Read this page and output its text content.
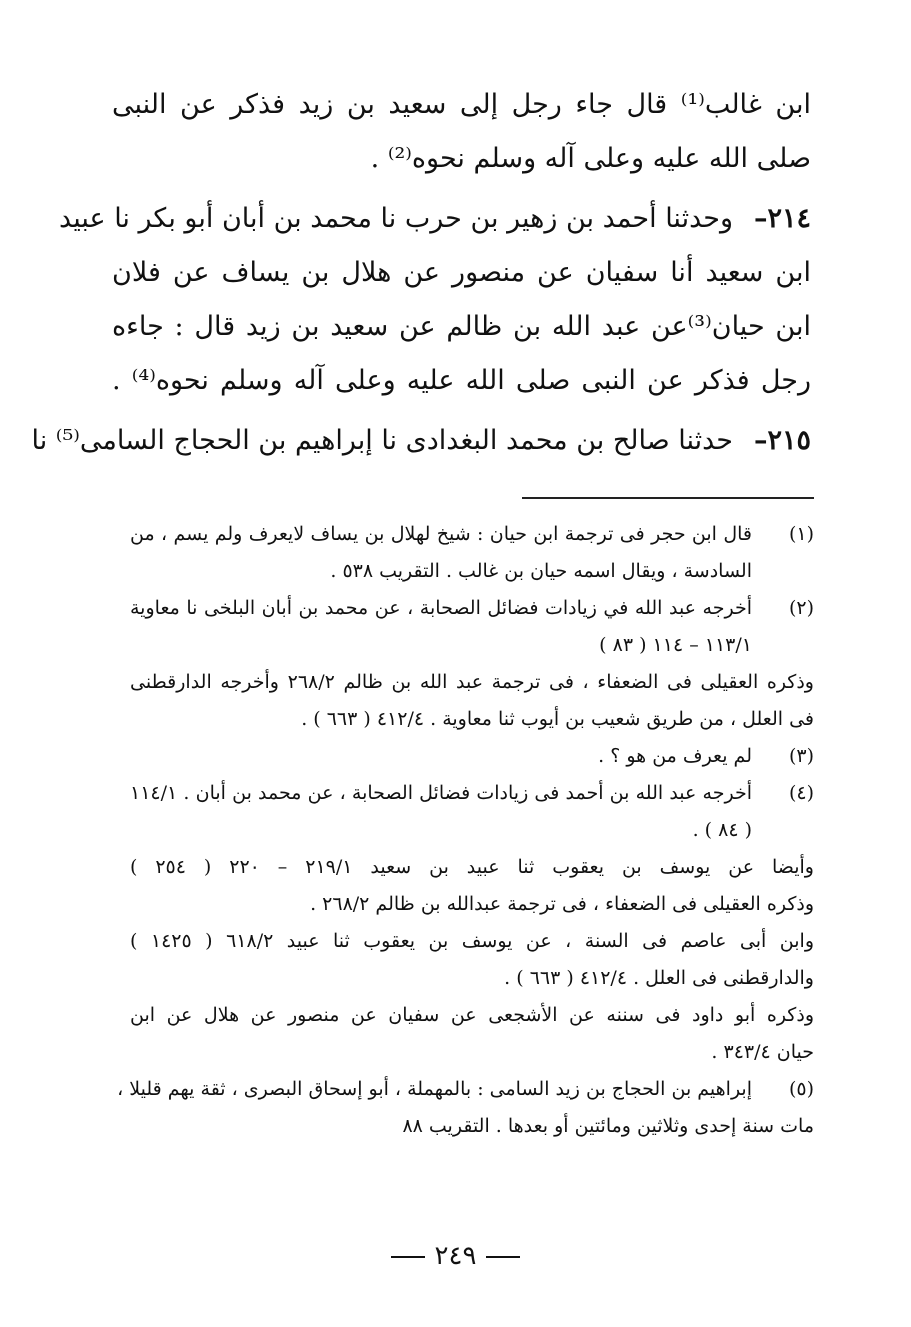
ابن غالب⁽¹⁾ قال جاء رجل إلى سعيد بن زيد فذكر عن النبى
صلى الله عليه وعلى آله وسلم نحوه⁽²⁾ .
٢١٤–
وحدثنا أحمد بن زهير بن حرب نا محمد بن أبان أبو بكر نا عبيد
ابن سعيد أنا سفيان عن منصور عن هلال بن يساف عن فلان
ابن حيان⁽³⁾عن عبد الله بن ظالم عن سعيد بن زيد قال : جاءه
رجل فذكر عن النبى صلى الله عليه وعلى آله وسلم نحوه⁽⁴⁾ .
٢١٥–
حدثنا صالح بن محمد البغدادى نا إبراهيم بن الحجاج السامى⁽⁵⁾ نا
(١)
قال ابن حجر فى ترجمة ابن حيان : شيخ لهلال بن يساف لايعرف ولم يسم ، من
السادسة ، ويقال اسمه حيان بن غالب . التقريب ٥٣٨ .
(٢)
أخرجه عبد الله في زيادات فضائل الصحابة ، عن محمد بن أبان البلخى نا معاوية
١١٣/١ – ١١٤ ( ٨٣ )
وذكره العقيلى فى الضعفاء ، فى ترجمة عبد الله بن ظالم ٢٦٨/٢ وأخرجه الدارقطنى
فى العلل ، من طريق شعيب بن أيوب ثنا معاوية . ٤١٢/٤ ( ٦٦٣ ) .
(٣)
لم يعرف من هو ؟ .
(٤)
أخرجه عبد الله بن أحمد فى زيادات فضائل الصحابة ، عن محمد بن أبان . ١١٤/١
( ٨٤ ) .
وأيضا عن يوسف بن يعقوب ثنا عبيد بن سعيد ٢١٩/١ – ٢٢٠ ( ٢٥٤ )
وذكره العقيلى فى الضعفاء ، فى ترجمة عبدالله بن ظالم ٢٦٨/٢ .
وابن أبى عاصم فى السنة ، عن يوسف بن يعقوب ثنا عبيد ٦١٨/٢ ( ١٤٢٥ )
والدارقطنى فى العلل . ٤١٢/٤ ( ٦٦٣ ) .
وذكره أبو داود فى سننه عن الأشجعى عن سفيان عن منصور عن هلال عن ابن
حيان ٣٤٣/٤ .
(٥)
إبراهيم بن الحجاج بن زيد السامى : بالمهملة ، أبو إسحاق البصرى ، ثقة يهم قليلا ،
مات سنة إحدى وثلاثين ومائتين أو بعدها . التقريب ٨٨
٢٤٩
